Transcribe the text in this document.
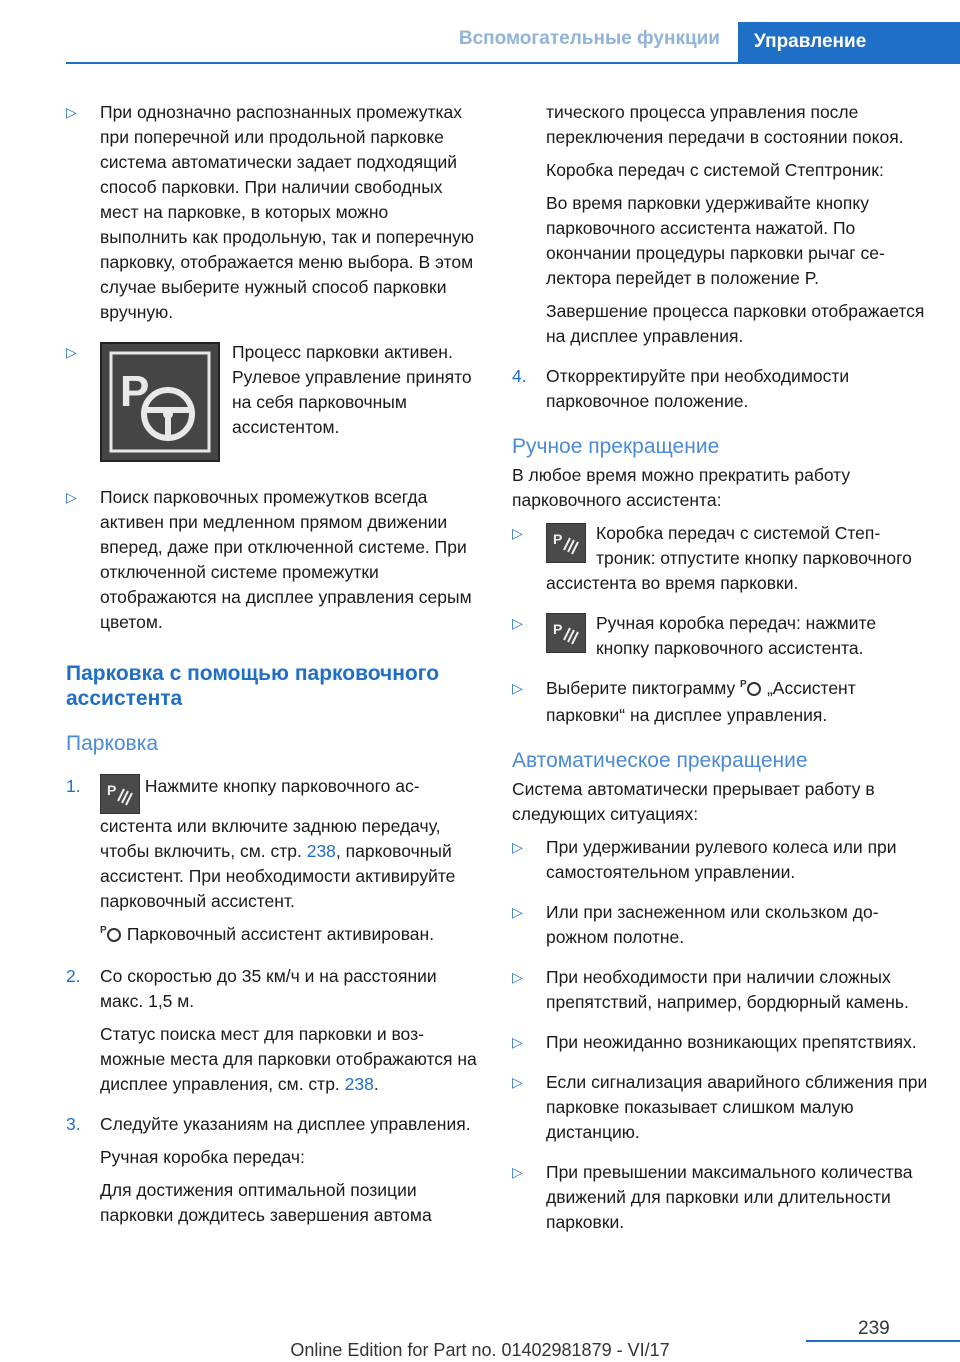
Вспомогательные функции	Управление
▷ При однозначно распознанных промежутках при поперечной или продольной парковке система автоматически задает подходящий способ парковки. При наличии свободных мест на парковке, в которых можно выполнить как продольную, так и поперечную парковку, отображается меню выбора. В этом случае выберите нужный способ парковки вручную.
▷
P
Процесс парковки активен. Рулевое управление принято на себя парковочным ассистентом.
▷ Поиск парковочных промежутков всегда активен при медленном прямом движении вперед, даже при отключенной системе. При отключенной системе промежутки отображаются на дисплее управления серым цветом.
Парковка с помощью парковочного ассистента
Парковка
1. P Нажмите кнопку парковочного ассистента или включите заднюю передачу, чтобы включить, см. стр. 238, парковочный ассистент. При необходимости активируйте парковочный ассистент.
P Парковочный ассистент активирован.
2. Со скоростью до 35 км/ч и на расстоянии макс. 1,5 м.
Статус поиска мест для парковки и возможные места для парковки отображаются на дисплее управления, см. стр. 238.
3. Следуйте указаниям на дисплее управления.
Ручная коробка передач:
Для достижения оптимальной позиции парковки дождитесь завершения автома
тического процесса управления после переключения передачи в состоянии покоя.
Коробка передач с системой Стептроник:
Во время парковки удерживайте кнопку парковочного ассистента нажатой. По окончании процедуры парковки рычаг селектора перейдет в положение P.
Завершение процесса парковки отображается на дисплее управления.
4. Откорректируйте при необходимости парковочное положение.
Ручное прекращение

В любое время можно прекратить работу парковочного ассистента:

▷ P Коробка передач с системой Стептроник: отпустите кнопку парковочного ассистента во время парковки.
▷ P Ручная коробка передач: нажмите кнопку парковочного ассистента.
▷ Выберите пиктограмму P „Ассистент парковки“ на дисплее управления.
Автоматическое прекращение

Система автоматически прерывает работу в следующих ситуациях:

▷ При удерживании рулевого колеса или при самостоятельном управлении.
▷ Или при заснеженном или скользком дорожном полотне.
▷ При необходимости при наличии сложных препятствий, например, бордюрный камень.
▷ При неожиданно возникающих препятствиях.
▷ Если сигнализация аварийного сближения при парковке показывает слишком малую дистанцию.
▷ При превышении максимального количества движений для парковки или длительности парковки.
239
Online Edition for Part no. 01402981879 - VI/17
